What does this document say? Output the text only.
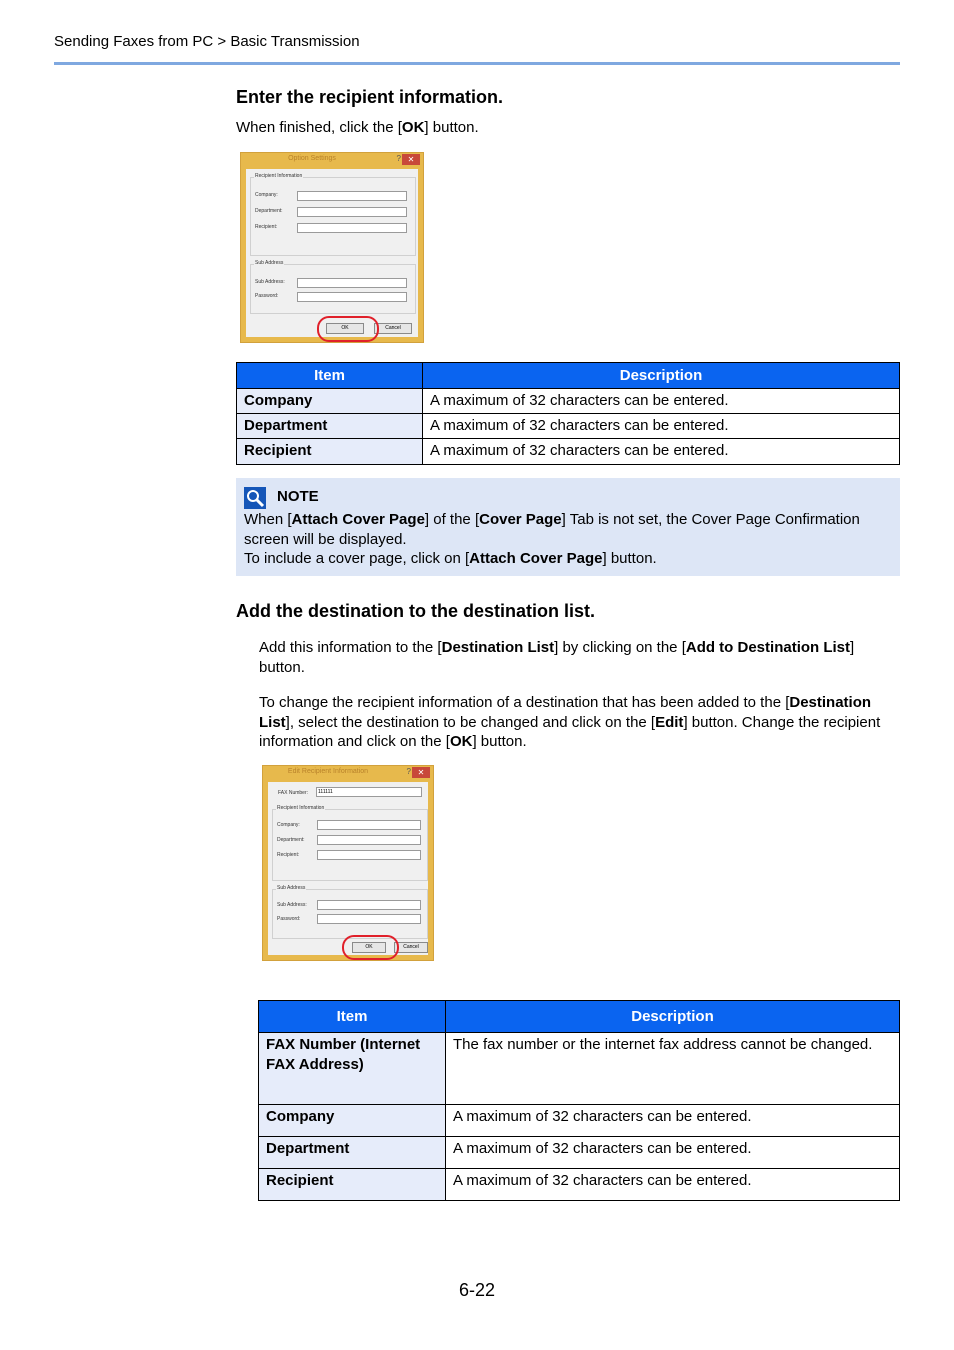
Sending Faxes from PC > Basic Transmission
Enter the recipient information.

When finished, click the [OK] button.

Option Settings	? ✕
Recipient Information
Company:
Department:
Recipient:
Sub Address
Sub Address:
Password:
OK	Cancel
Item	Description
Company	A maximum of 32 characters can be entered.
Department	A maximum of 32 characters can be entered.
Recipient	A maximum of 32 characters can be entered.
NOTE

When [Attach Cover Page] of the [Cover Page] Tab is not set, the Cover Page Confirmation screen will be displayed.

To include a cover page, click on [Attach Cover Page] button.

Add the destination to the destination list.

Add this information to the [Destination List] by clicking on the [Add to Destination List] button.

To change the recipient information of a destination that has been added to the [Destination List], select the destination to be changed and click on the [Edit] button. Change the recipient information and click on the [OK] button.

Edit Recipient Information	? ✕
FAX Number:	111111
Recipient Information
Company:
Department:
Recipient:
Sub Address
Sub Address:
Password:
OK	Cancel
Item	Description
FAX Number (Internet FAX Address)	The fax number or the internet fax address cannot be changed.
Company	A maximum of 32 characters can be entered.
Department	A maximum of 32 characters can be entered.
Recipient	A maximum of 32 characters can be entered.
6-22
